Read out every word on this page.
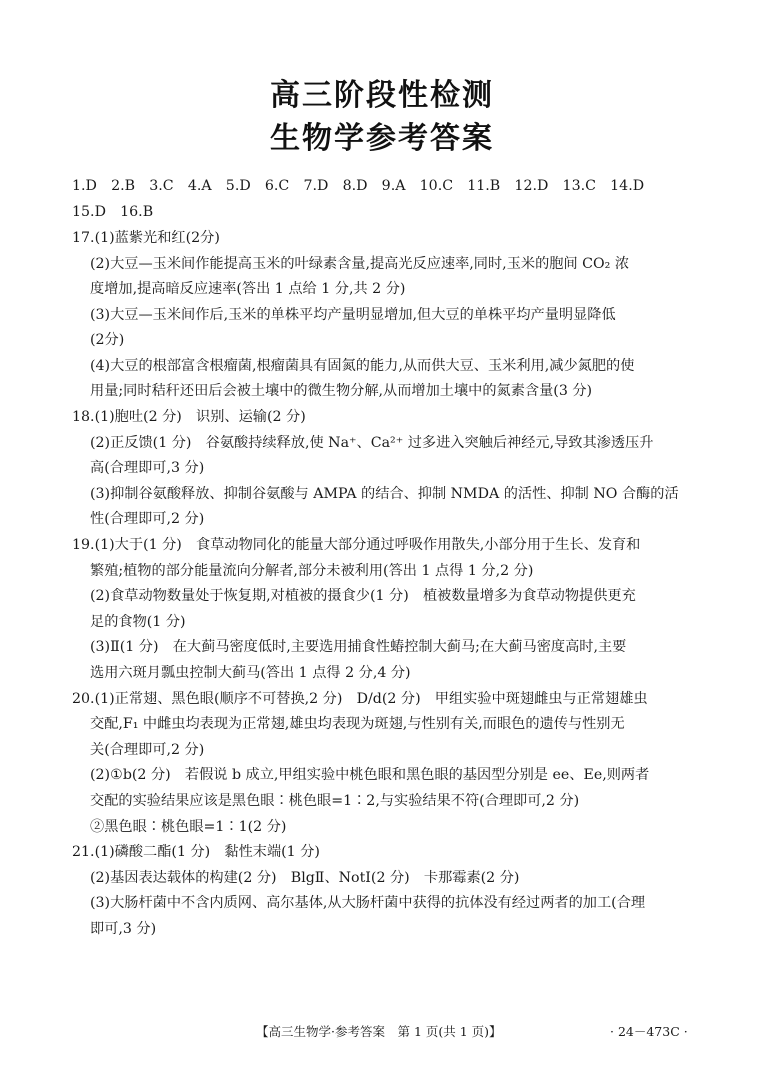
高三阶段性检测
生物学参考答案
1.D　2.B　3.C　4.A　5.D　6.C　7.D　8.D　9.A　10.C　11.B　12.D　13.C　14.D
15.D　16.B
17.(1)蓝紫光和红(2分)
(2)大豆—玉米间作能提高玉米的叶绿素含量,提高光反应速率,同时,玉米的胞间 CO₂ 浓
度增加,提高暗反应速率(答出 1 点给 1 分,共 2 分)
(3)大豆—玉米间作后,玉米的单株平均产量明显增加,但大豆的单株平均产量明显降低
(2分)
(4)大豆的根部富含根瘤菌,根瘤菌具有固氮的能力,从而供大豆、玉米利用,减少氮肥的使
用量;同时秸秆还田后会被土壤中的微生物分解,从而增加土壤中的氮素含量(3 分)
18.(1)胞吐(2 分)　识别、运输(2 分)
(2)正反馈(1 分)　谷氨酸持续释放,使 Na⁺、Ca²⁺ 过多进入突触后神经元,导致其渗透压升
高(合理即可,3 分)
(3)抑制谷氨酸释放、抑制谷氨酸与 AMPA 的结合、抑制 NMDA 的活性、抑制 NO 合酶的活
性(合理即可,2 分)
19.(1)大于(1 分)　食草动物同化的能量大部分通过呼吸作用散失,小部分用于生长、发育和
繁殖;植物的部分能量流向分解者,部分未被利用(答出 1 点得 1 分,2 分)
(2)食草动物数量处于恢复期,对植被的摄食少(1 分)　植被数量增多为食草动物提供更充
足的食物(1 分)
(3)Ⅱ(1 分)　在大蓟马密度低时,主要选用捕食性蝽控制大蓟马;在大蓟马密度高时,主要
选用六斑月瓢虫控制大蓟马(答出 1 点得 2 分,4 分)
20.(1)正常翅、黑色眼(顺序不可替换,2 分)　D/d(2 分)　甲组实验中斑翅雌虫与正常翅雄虫
交配,F₁ 中雌虫均表现为正常翅,雄虫均表现为斑翅,与性别有关,而眼色的遗传与性别无
关(合理即可,2 分)
(2)①b(2 分)　若假说 b 成立,甲组实验中桃色眼和黑色眼的基因型分别是 ee、Ee,则两者
交配的实验结果应该是黑色眼∶桃色眼=1∶2,与实验结果不符(合理即可,2 分)
②黑色眼∶桃色眼=1∶1(2 分)
21.(1)磷酸二酯(1 分)　黏性末端(1 分)
(2)基因表达载体的构建(2 分)　BlgⅡ、NotⅠ(2 分)　卡那霉素(2 分)
(3)大肠杆菌中不含内质网、高尔基体,从大肠杆菌中获得的抗体没有经过两者的加工(合理
即可,3 分)
【高三生物学·参考答案　第 1 页(共 1 页)】	· 24－473C ·
